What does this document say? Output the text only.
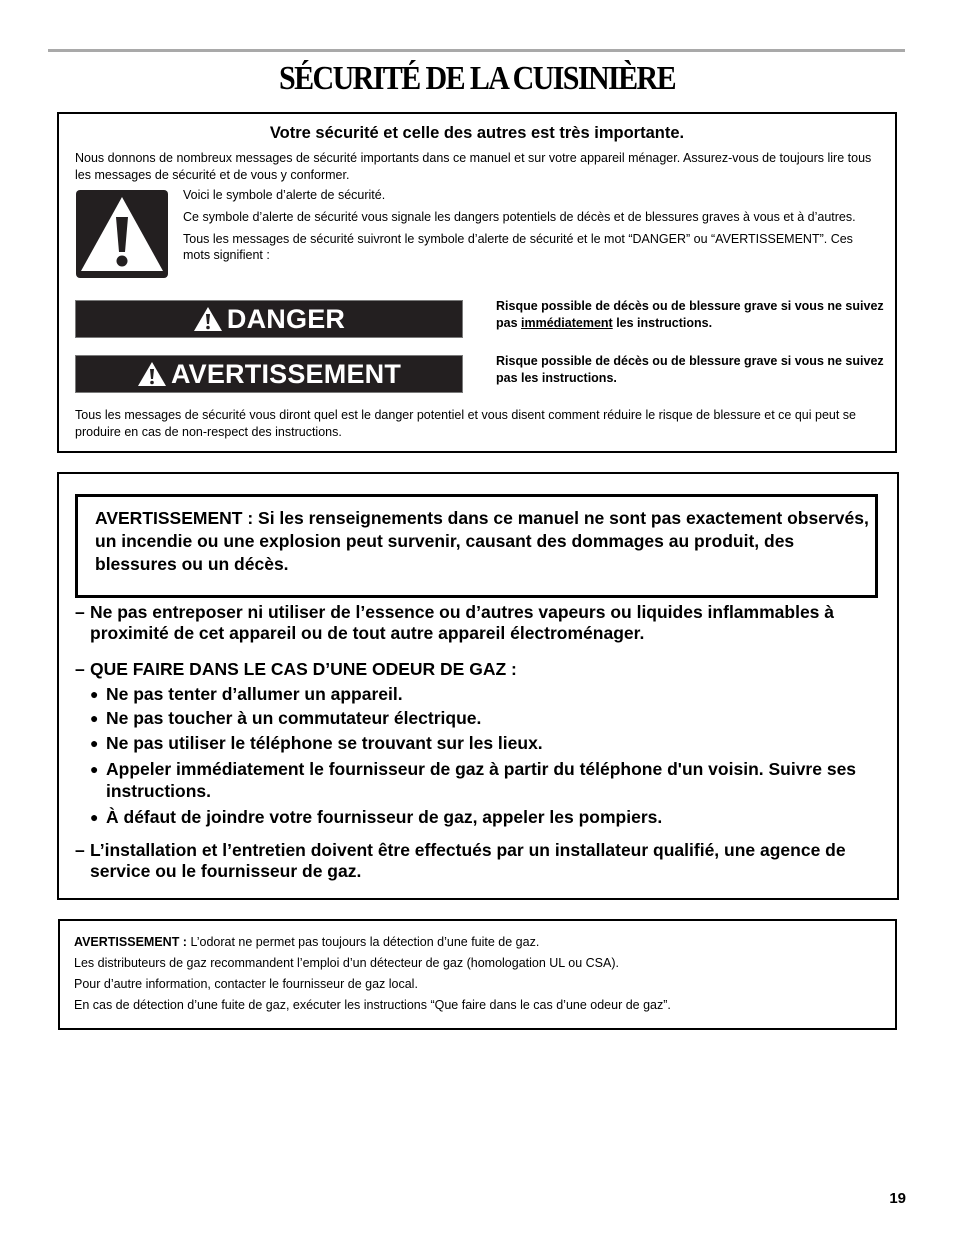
SÉCURITÉ DE LA CUISINIÈRE
Votre sécurité et celle des autres est très importante.
Nous donnons de nombreux messages de sécurité importants dans ce manuel et sur votre appareil ménager. Assurez-vous de toujours lire tous les messages de sécurité et de vous y conformer.

Voici le symbole d’alerte de sécurité.

Ce symbole d’alerte de sécurité vous signale les dangers potentiels de décès et de blessures graves à vous et à d’autres.

Tous les messages de sécurité suivront le symbole d’alerte de sécurité et le mot “DANGER” ou “AVERTISSEMENT”. Ces mots signifient :

DANGER	Risque possible de décès ou de blessure grave si vous ne suivez pas immédiatement les instructions.
AVERTISSEMENT	Risque possible de décès ou de blessure grave si vous ne suivez pas les instructions.
Tous les messages de sécurité vous diront quel est le danger potentiel et vous disent comment réduire le risque de blessure et ce qui peut se produire en cas de non-respect des instructions.
AVERTISSEMENT : Si les renseignements dans ce manuel ne sont pas exactement observés, un incendie ou une explosion peut survenir, causant des dommages au produit, des blessures ou un décès.
– Ne pas entreposer ni utiliser de l’essence ou d’autres vapeurs ou liquides inflammables à proximité de cet appareil ou de tout autre appareil électroménager.
– QUE FAIRE DANS LE CAS D’UNE ODEUR DE GAZ :
● Ne pas tenter d’allumer un appareil.
● Ne pas toucher à un commutateur électrique.
● Ne pas utiliser le téléphone se trouvant sur les lieux.
● Appeler immédiatement le fournisseur de gaz à partir du téléphone d'un voisin. Suivre ses instructions.
● À défaut de joindre votre fournisseur de gaz, appeler les pompiers.
– L’installation et l’entretien doivent être effectués par un installateur qualifié, une agence de service ou le fournisseur de gaz.
AVERTISSEMENT : L’odorat ne permet pas toujours la détection d’une fuite de gaz.
Les distributeurs de gaz recommandent l’emploi d’un détecteur de gaz (homologation UL ou CSA).
Pour d’autre information, contacter le fournisseur de gaz local.
En cas de détection d’une fuite de gaz, exécuter les instructions “Que faire dans le cas d’une odeur de gaz”.
19
